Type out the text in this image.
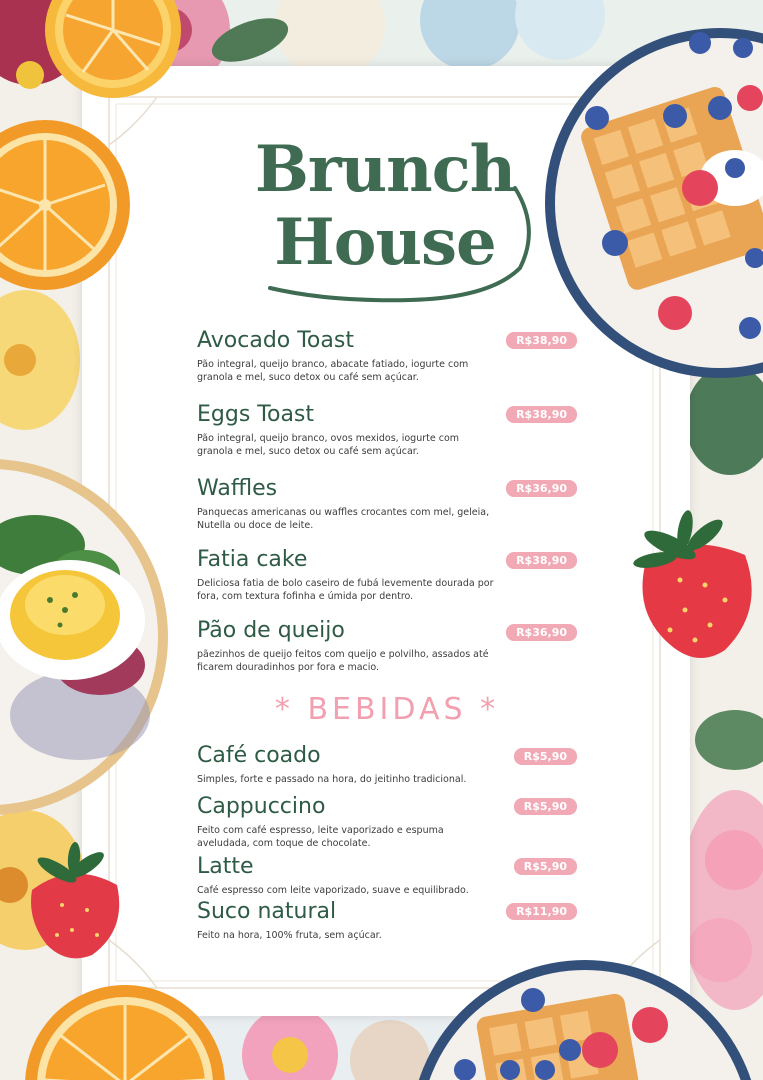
Brunch
House
Avocado Toast
Pão integral, queijo branco, abacate fatiado, iogurte com granola e mel, suco detox ou café sem açúcar.
R$38,90
Eggs Toast
Pão integral, queijo branco, ovos mexidos, iogurte com granola e mel, suco detox ou café sem açúcar.
R$38,90
Waffles
Panquecas americanas ou waffles crocantes com mel, geleia, Nutella ou doce de leite.
R$36,90
Fatia cake
Deliciosa fatia de bolo caseiro de fubá levemente dourada por fora, com textura fofinha e úmida por dentro.
R$38,90
Pão de queijo
pãezinhos de queijo feitos com queijo e polvilho, assados até ficarem douradinhos por fora e macio.
R$36,90
* BEBIDAS *
Café coado
Simples, forte e passado na hora, do jeitinho tradicional.
R$5,90
Cappuccino
Feito com café espresso, leite vaporizado e espuma aveludada, com toque de chocolate.
R$5,90
Latte
Café espresso com leite vaporizado, suave e equilibrado.
R$5,90
Suco natural
Feito na hora, 100% fruta, sem açúcar.
R$11,90
